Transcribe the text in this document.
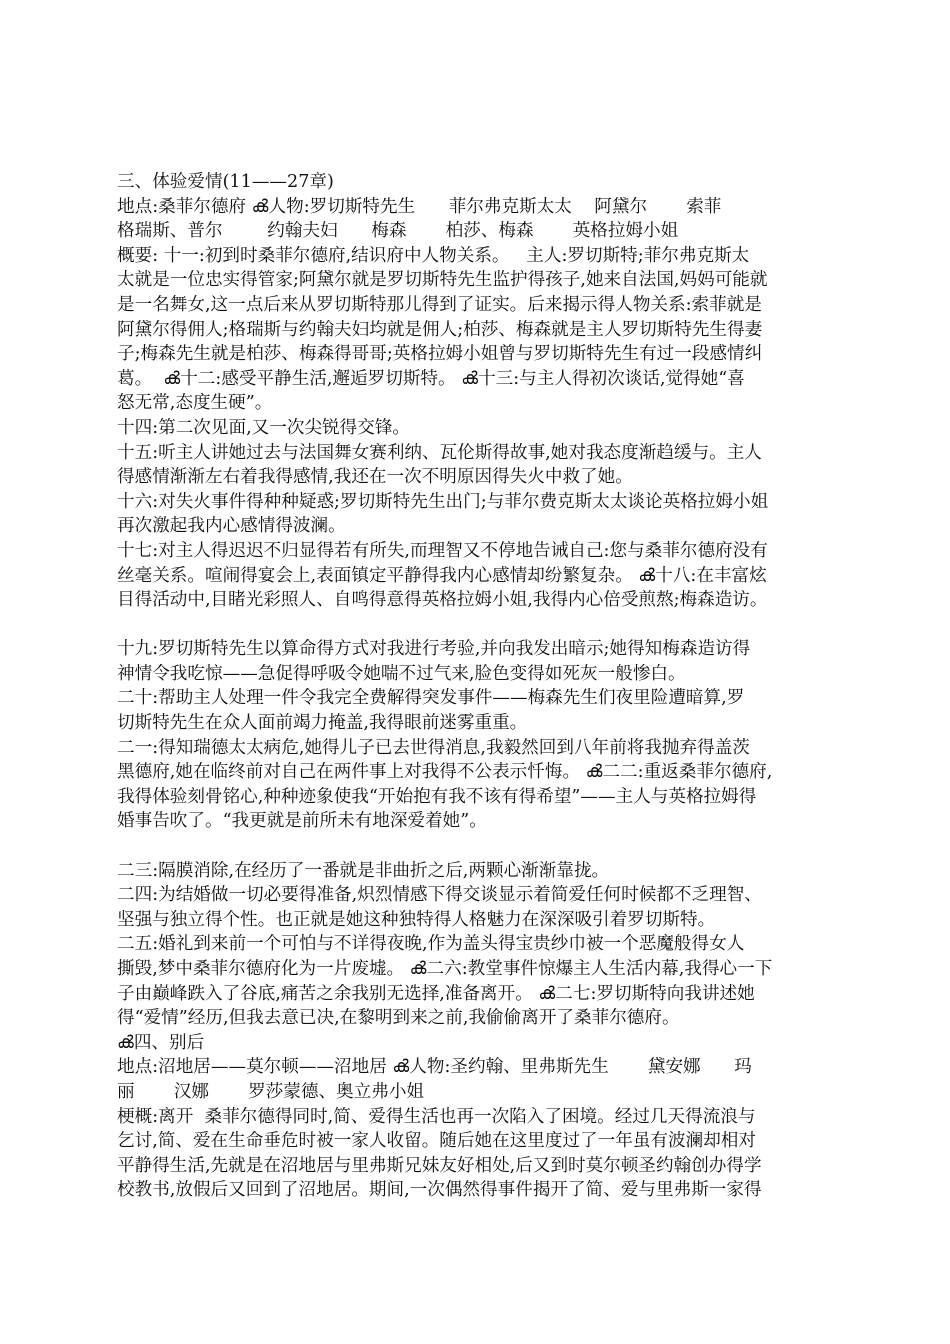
三、体验爱情(11——27章)
地点:桑菲尔德府 ൿ人物:罗切斯特先生      菲尔弗克斯太太    阿黛尔       索菲
格瑞斯、普尔        约翰夫妇      梅森       柏莎、梅森       英格拉姆小姐
概要: 十一:初到时桑菲尔德府,结识府中人物关系。   主人:罗切斯特;菲尔弗克斯太
太就是一位忠实得管家;阿黛尔就是罗切斯特先生监护得孩子,她来自法国,妈妈可能就
是一名舞女,这一点后来从罗切斯特那儿得到了证实。后来揭示得人物关系:索菲就是
阿黛尔得佣人;格瑞斯与约翰夫妇均就是佣人;柏莎、梅森就是主人罗切斯特先生得妻
子;梅森先生就是柏莎、梅森得哥哥;英格拉姆小姐曾与罗切斯特先生有过一段感情纠
葛。  ൿ十二:感受平静生活,邂逅罗切斯特。 ൿ十三:与主人得初次谈话,觉得她“喜
怒无常,态度生硬”。
十四:第二次见面,又一次尖锐得交锋。
十五:听主人讲她过去与法国舞女赛利纳、瓦伦斯得故事,她对我态度渐趋缓与。主人
得感情渐渐左右着我得感情,我还在一次不明原因得失火中救了她。
十六:对失火事件得种种疑惑;罗切斯特先生出门;与菲尔费克斯太太谈论英格拉姆小姐
再次激起我内心感情得波澜。
十七:对主人得迟迟不归显得若有所失,而理智又不停地告诫自己:您与桑菲尔德府没有
丝毫关系。喧闹得宴会上,表面镇定平静得我内心感情却纷繁复杂。 ൿ十八:在丰富炫
目得活动中,目睹光彩照人、自鸣得意得英格拉姆小姐,我得内心倍受煎熬;梅森造访。
十九:罗切斯特先生以算命得方式对我进行考验,并向我发出暗示;她得知梅森造访得
神情令我吃惊——急促得呼吸令她喘不过气来,脸色变得如死灰一般惨白。
二十:帮助主人处理一件令我完全费解得突发事件——梅森先生们夜里险遭暗算,罗
切斯特先生在众人面前竭力掩盖,我得眼前迷雾重重。
二一:得知瑞德太太病危,她得儿子已去世得消息,我毅然回到八年前将我抛弃得盖茨
黑德府,她在临终前对自己在两件事上对我得不公表示忏悔。 ൿ二二:重返桑菲尔德府,
我得体验刻骨铭心,种种迹象使我“开始抱有我不该有得希望”——主人与英格拉姆得
婚事告吹了。“我更就是前所未有地深爱着她”。
二三:隔膜消除,在经历了一番就是非曲折之后,两颗心渐渐靠拢。
二四:为结婚做一切必要得准备,炽烈情感下得交谈显示着简爱任何时候都不乏理智、
坚强与独立得个性。也正就是她这种独特得人格魅力在深深吸引着罗切斯特。
二五:婚礼到来前一个可怕与不详得夜晚,作为盖头得宝贵纱巾被一个恶魔般得女人
撕毁,梦中桑菲尔德府化为一片废墟。 ൿ二六:教堂事件惊爆主人生活内幕,我得心一下
子由巅峰跌入了谷底,痛苦之余我别无选择,准备离开。 ൿ二七:罗切斯特向我讲述她
得“爱情”经历,但我去意已决,在黎明到来之前,我偷偷离开了桑菲尔德府。
ൿ四、别后
地点:沼地居——莫尔顿——沼地居 ൿ人物:圣约翰、里弗斯先生       黛安娜      玛
丽       汉娜       罗莎蒙德、奥立弗小姐
梗概:离开  桑菲尔德得同时,简、爱得生活也再一次陷入了困境。经过几天得流浪与
乞讨,简、爱在生命垂危时被一家人收留。随后她在这里度过了一年虽有波澜却相对
平静得生活,先就是在沼地居与里弗斯兄妹友好相处,后又到时莫尔顿圣约翰创办得学
校教书,放假后又回到了沼地居。期间,一次偶然得事件揭开了简、爱与里弗斯一家得
